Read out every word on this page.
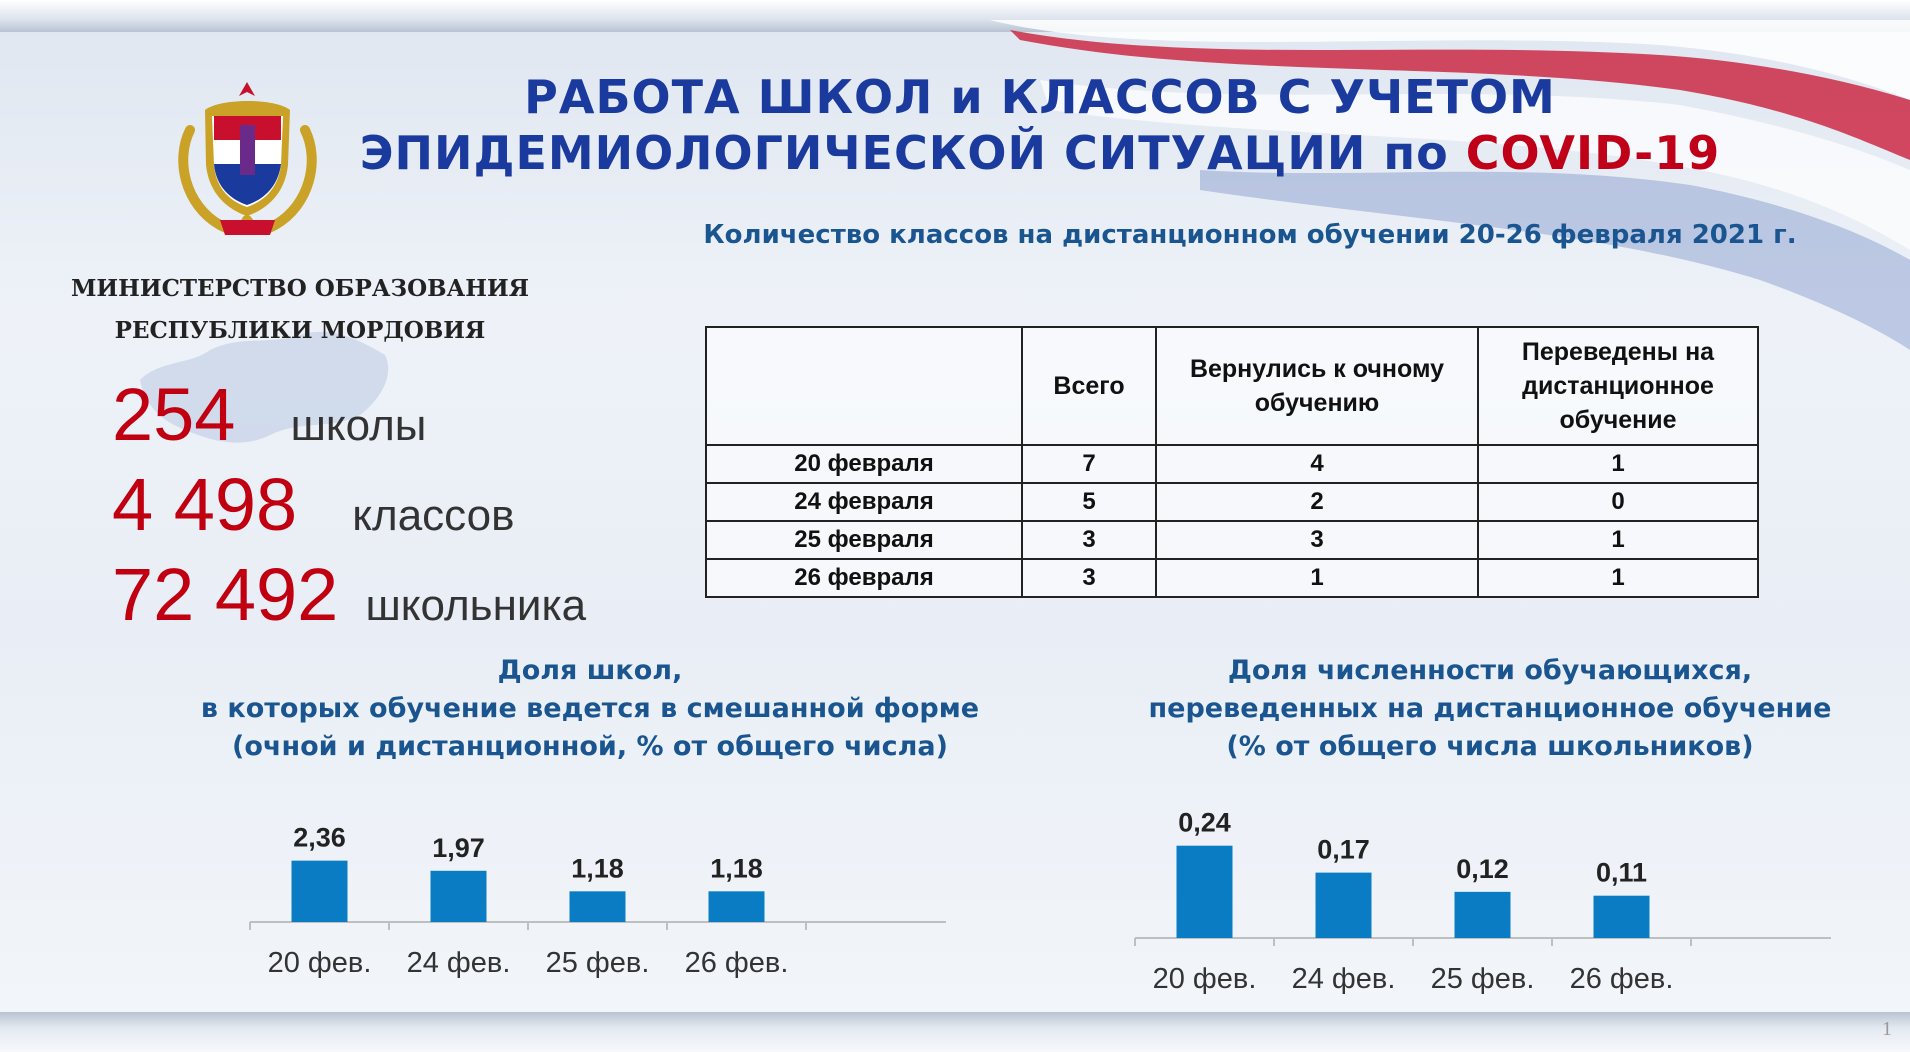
РАБОТА ШКОЛ и КЛАССОВ С УЧЕТОМ
ЭПИДЕМИОЛОГИЧЕСКОЙ СИТУАЦИИ по COVID-19
Количество классов на дистанционном обучении 20-26 февраля 2021 г.
МИНИСТЕРСТВО ОБРАЗОВАНИЯ
РЕСПУБЛИКИ МОРДОВИЯ
254 школы
4 498 классов
72 492 школьника
	Всего	Вернулись к очному обучению	Переведены на дистанционное обучение
20 февраля	7	4	1
24 февраля	5	2	0
25 февраля	3	3	1
26 февраля	3	1	1
Доля школ,
в которых обучение ведется в смешанной форме
(очной и дистанционной, % от общего числа)
Доля численности обучающихся,
переведенных на дистанционное обучение
(% от общего числа школьников)
2,36
20 фев.
1,97
24 фев.
1,18
25 фев.
1,18
26 фев.
0,24
20 фев.
0,17
24 фев.
0,12
25 фев.
0,11
26 фев.
1
